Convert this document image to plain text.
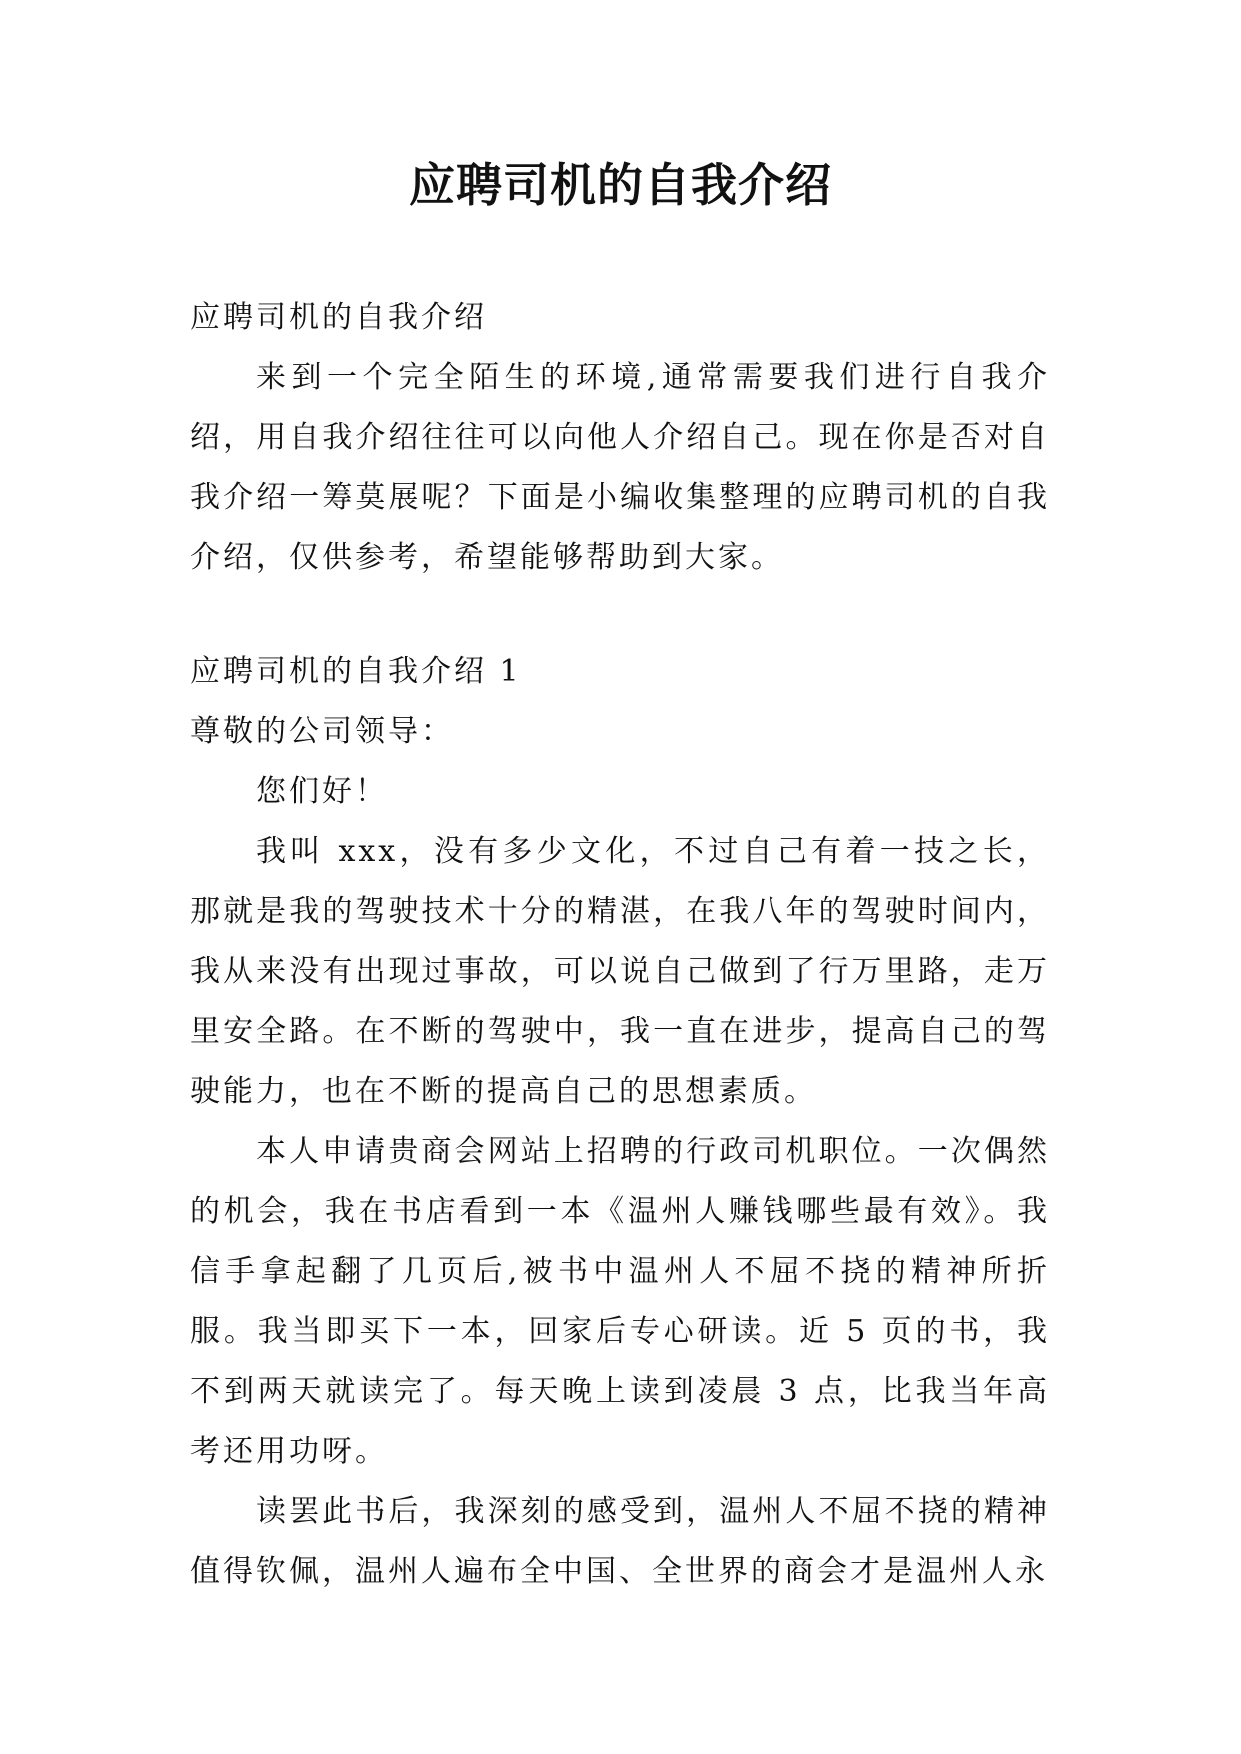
应聘司机的自我介绍

应聘司机的自我介绍

来到一个完全陌生的环境,通常需要我们进行自我介绍，用自我介绍往往可以向他人介绍自己。现在你是否对自我介绍一筹莫展呢？下面是小编收集整理的应聘司机的自我介绍，仅供参考，希望能够帮助到大家。

应聘司机的自我介绍 1

尊敬的公司领导：

您们好！

我叫 xxx，没有多少文化，不过自己有着一技之长，那就是我的驾驶技术十分的精湛，在我八年的驾驶时间内，我从来没有出现过事故，可以说自己做到了行万里路，走万里安全路。在不断的驾驶中，我一直在进步，提高自己的驾驶能力，也在不断的提高自己的思想素质。

本人申请贵商会网站上招聘的行政司机职位。一次偶然的机会，我在书店看到一本《温州人赚钱哪些最有效》。我信手拿起翻了几页后,被书中温州人不屈不挠的精神所折服。我当即买下一本，回家后专心研读。近 5 页的书，我不到两天就读完了。每天晚上读到凌晨 3 点，比我当年高考还用功呀。

读罢此书后，我深刻的感受到，温州人不屈不挠的精神值得钦佩，温州人遍布全中国、全世界的商会才是温州人永
